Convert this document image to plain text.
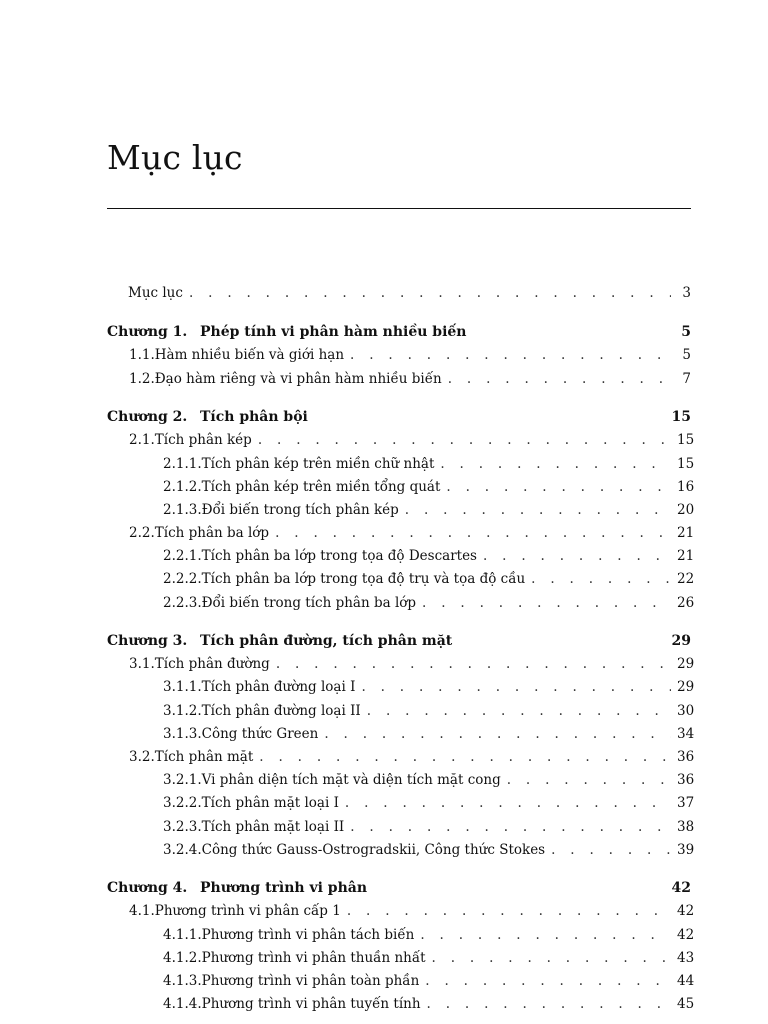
Mục lục
Mục lục . . .	3
Chương 1. Phép tính vi phân hàm nhiều biến	5
1.1. Hàm nhiều biến và giới hạn . . .	5
1.2. Đạo hàm riêng và vi phân hàm nhiều biến . . .	7
Chương 2. Tích phân bội	15
2.1. Tích phân kép . . .	15
2.1.1. Tích phân kép trên miền chữ nhật . . .	15
2.1.2. Tích phân kép trên miền tổng quát . . .	16
2.1.3. Đổi biến trong tích phân kép . . .	20
2.2. Tích phân ba lớp . . .	21
2.2.1. Tích phân ba lớp trong tọa độ Descartes . . .	21
2.2.2. Tích phân ba lớp trong tọa độ trụ và tọa độ cầu . . .	22
2.2.3. Đổi biến trong tích phân ba lớp . . .	26
Chương 3. Tích phân đường, tích phân mặt	29
3.1. Tích phân đường . . .	29
3.1.1. Tích phân đường loại I . . .	29
3.1.2. Tích phân đường loại II . . .	30
3.1.3. Công thức Green . . .	34
3.2. Tích phân mặt . . .	36
3.2.1. Vi phân diện tích mặt và diện tích mặt cong . . .	36
3.2.2. Tích phân mặt loại I . . .	37
3.2.3. Tích phân mặt loại II . . .	38
3.2.4. Công thức Gauss-Ostrogradskii, Công thức Stokes . . .	39
Chương 4. Phương trình vi phân	42
4.1. Phương trình vi phân cấp 1 . . .	42
4.1.1. Phương trình vi phân tách biến . . .	42
4.1.2. Phương trình vi phân thuần nhất . . .	43
4.1.3. Phương trình vi phân toàn phần . . .	44
4.1.4. Phương trình vi phân tuyến tính . . .	45
